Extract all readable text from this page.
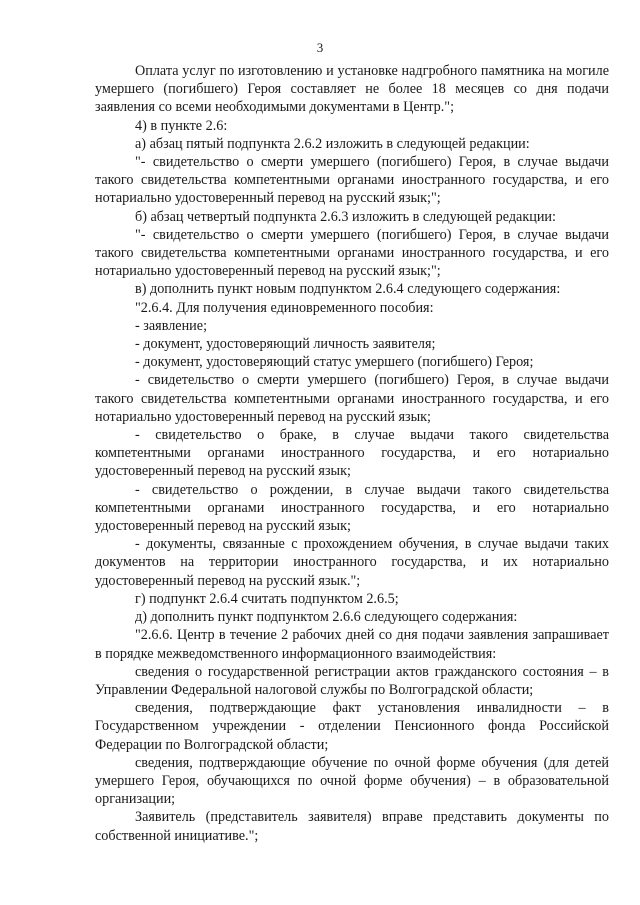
3

Оплата услуг по изготовлению и установке надгробного памятника на могиле умершего (погибшего) Героя составляет не более 18 месяцев со дня подачи заявления со всеми необходимыми документами в Центр.";

4) в пункте 2.6:

а) абзац пятый подпункта 2.6.2 изложить в следующей редакции:

"- свидетельство о смерти умершего (погибшего) Героя, в случае выдачи такого свидетельства компетентными органами иностранного государства, и его нотариально удостоверенный перевод на русский язык;";

б) абзац четвертый подпункта 2.6.3 изложить в следующей редакции:

"- свидетельство о смерти умершего (погибшего) Героя, в случае выдачи такого свидетельства компетентными органами иностранного государства, и его нотариально удостоверенный перевод на русский язык;";

в) дополнить пункт новым подпунктом 2.6.4 следующего содержания:

"2.6.4. Для получения единовременного пособия:

- заявление;

- документ, удостоверяющий личность заявителя;

- документ, удостоверяющий статус умершего (погибшего) Героя;

- свидетельство о смерти умершего (погибшего) Героя, в случае выдачи такого свидетельства компетентными органами иностранного государства, и его нотариально удостоверенный перевод на русский язык;

- свидетельство о браке, в случае выдачи такого свидетельства компетентными органами иностранного государства, и его нотариально удостоверенный перевод на русский язык;

- свидетельство о рождении, в случае выдачи такого свидетельства компетентными органами иностранного государства, и его нотариально удостоверенный перевод на русский язык;

- документы, связанные с прохождением обучения, в случае выдачи таких документов на территории иностранного государства, и их нотариально удостоверенный перевод на русский язык.";

г) подпункт 2.6.4 считать подпунктом 2.6.5;

д) дополнить пункт подпунктом 2.6.6 следующего содержания:

"2.6.6. Центр в течение 2 рабочих дней со дня подачи заявления запрашивает в порядке межведомственного информационного взаимодействия:

сведения о государственной регистрации актов гражданского состояния – в Управлении Федеральной налоговой службы по Волгоградской области;

сведения, подтверждающие факт установления инвалидности – в Государственном учреждении - отделении Пенсионного фонда Российской Федерации по Волгоградской области;

сведения, подтверждающие обучение по очной форме обучения (для детей умершего Героя, обучающихся по очной форме обучения) – в образовательной организации;

Заявитель (представитель заявителя) вправе представить документы по собственной инициативе.";
